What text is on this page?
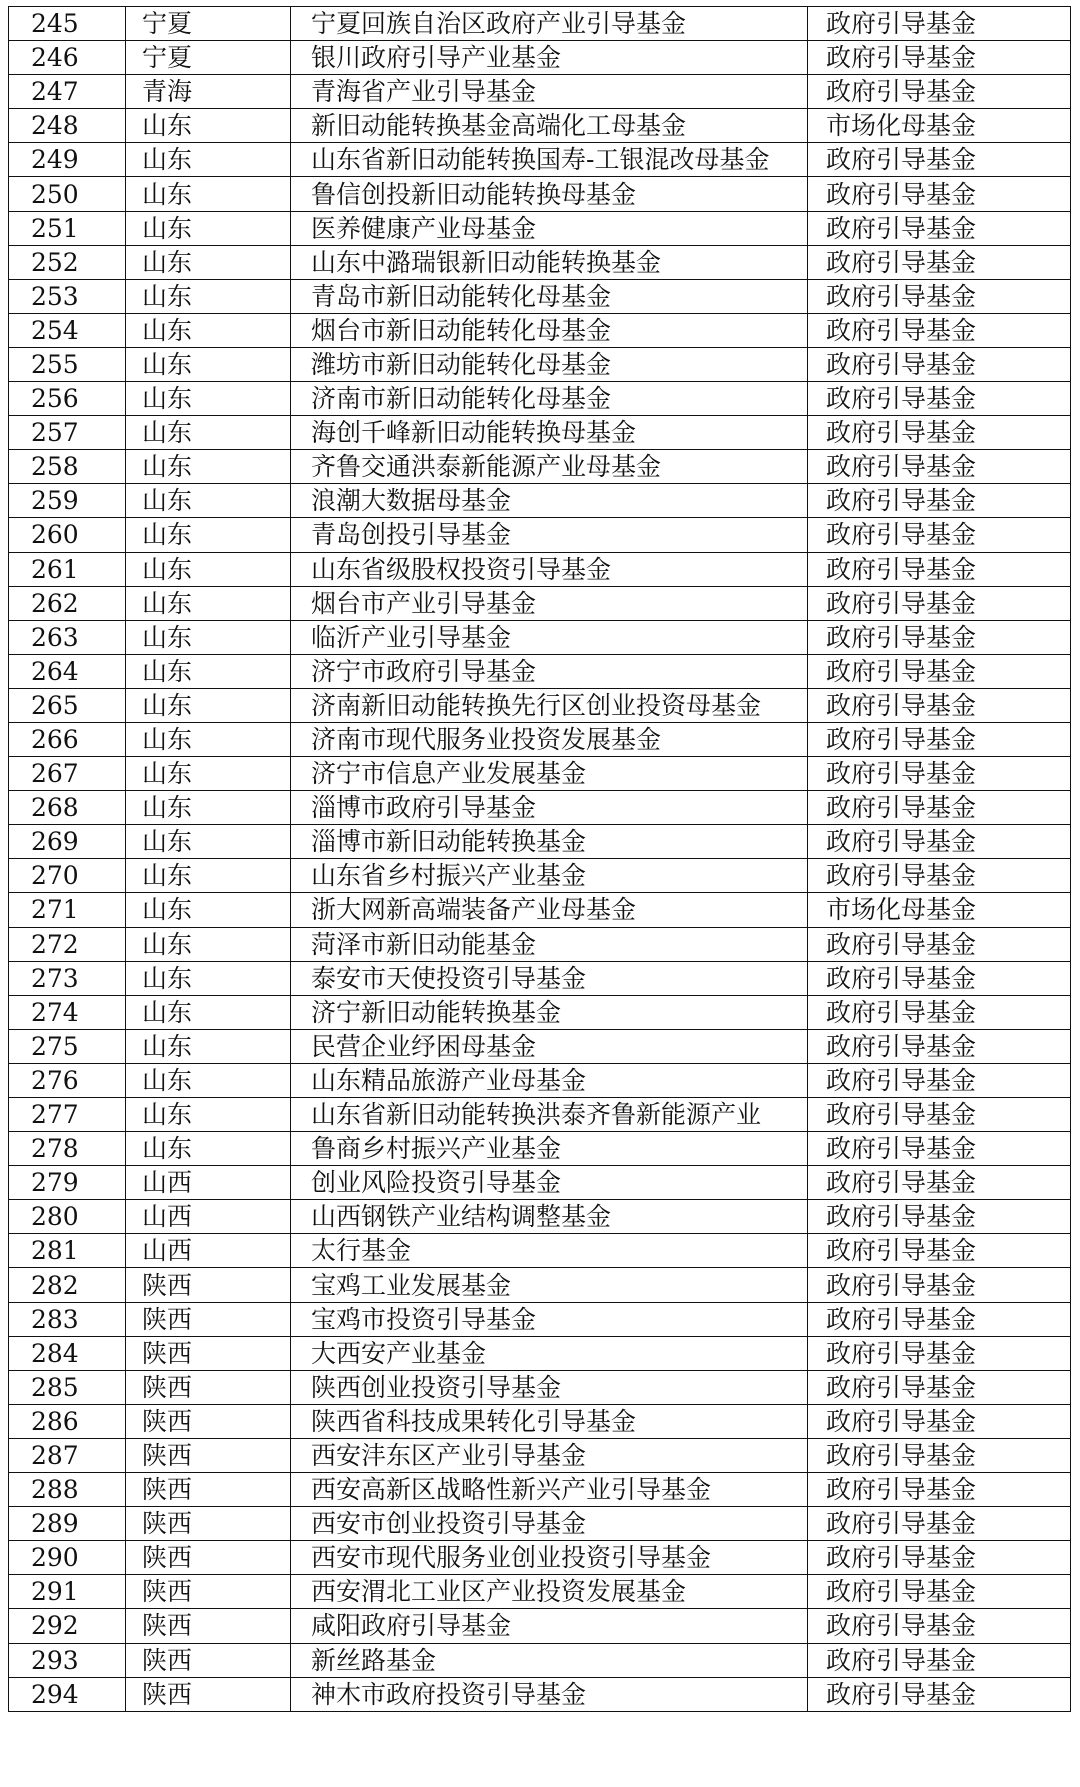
245	宁夏	宁夏回族自治区政府产业引导基金	政府引导基金
246	宁夏	银川政府引导产业基金	政府引导基金
247	青海	青海省产业引导基金	政府引导基金
248	山东	新旧动能转换基金高端化工母基金	市场化母基金
249	山东	山东省新旧动能转换国寿-工银混改母基金	政府引导基金
250	山东	鲁信创投新旧动能转换母基金	政府引导基金
251	山东	医养健康产业母基金	政府引导基金
252	山东	山东中潞瑞银新旧动能转换基金	政府引导基金
253	山东	青岛市新旧动能转化母基金	政府引导基金
254	山东	烟台市新旧动能转化母基金	政府引导基金
255	山东	潍坊市新旧动能转化母基金	政府引导基金
256	山东	济南市新旧动能转化母基金	政府引导基金
257	山东	海创千峰新旧动能转换母基金	政府引导基金
258	山东	齐鲁交通洪泰新能源产业母基金	政府引导基金
259	山东	浪潮大数据母基金	政府引导基金
260	山东	青岛创投引导基金	政府引导基金
261	山东	山东省级股权投资引导基金	政府引导基金
262	山东	烟台市产业引导基金	政府引导基金
263	山东	临沂产业引导基金	政府引导基金
264	山东	济宁市政府引导基金	政府引导基金
265	山东	济南新旧动能转换先行区创业投资母基金	政府引导基金
266	山东	济南市现代服务业投资发展基金	政府引导基金
267	山东	济宁市信息产业发展基金	政府引导基金
268	山东	淄博市政府引导基金	政府引导基金
269	山东	淄博市新旧动能转换基金	政府引导基金
270	山东	山东省乡村振兴产业基金	政府引导基金
271	山东	浙大网新高端装备产业母基金	市场化母基金
272	山东	菏泽市新旧动能基金	政府引导基金
273	山东	泰安市天使投资引导基金	政府引导基金
274	山东	济宁新旧动能转换基金	政府引导基金
275	山东	民营企业纾困母基金	政府引导基金
276	山东	山东精品旅游产业母基金	政府引导基金
277	山东	山东省新旧动能转换洪泰齐鲁新能源产业	政府引导基金
278	山东	鲁商乡村振兴产业基金	政府引导基金
279	山西	创业风险投资引导基金	政府引导基金
280	山西	山西钢铁产业结构调整基金	政府引导基金
281	山西	太行基金	政府引导基金
282	陕西	宝鸡工业发展基金	政府引导基金
283	陕西	宝鸡市投资引导基金	政府引导基金
284	陕西	大西安产业基金	政府引导基金
285	陕西	陕西创业投资引导基金	政府引导基金
286	陕西	陕西省科技成果转化引导基金	政府引导基金
287	陕西	西安沣东区产业引导基金	政府引导基金
288	陕西	西安高新区战略性新兴产业引导基金	政府引导基金
289	陕西	西安市创业投资引导基金	政府引导基金
290	陕西	西安市现代服务业创业投资引导基金	政府引导基金
291	陕西	西安渭北工业区产业投资发展基金	政府引导基金
292	陕西	咸阳政府引导基金	政府引导基金
293	陕西	新丝路基金	政府引导基金
294	陕西	神木市政府投资引导基金	政府引导基金
